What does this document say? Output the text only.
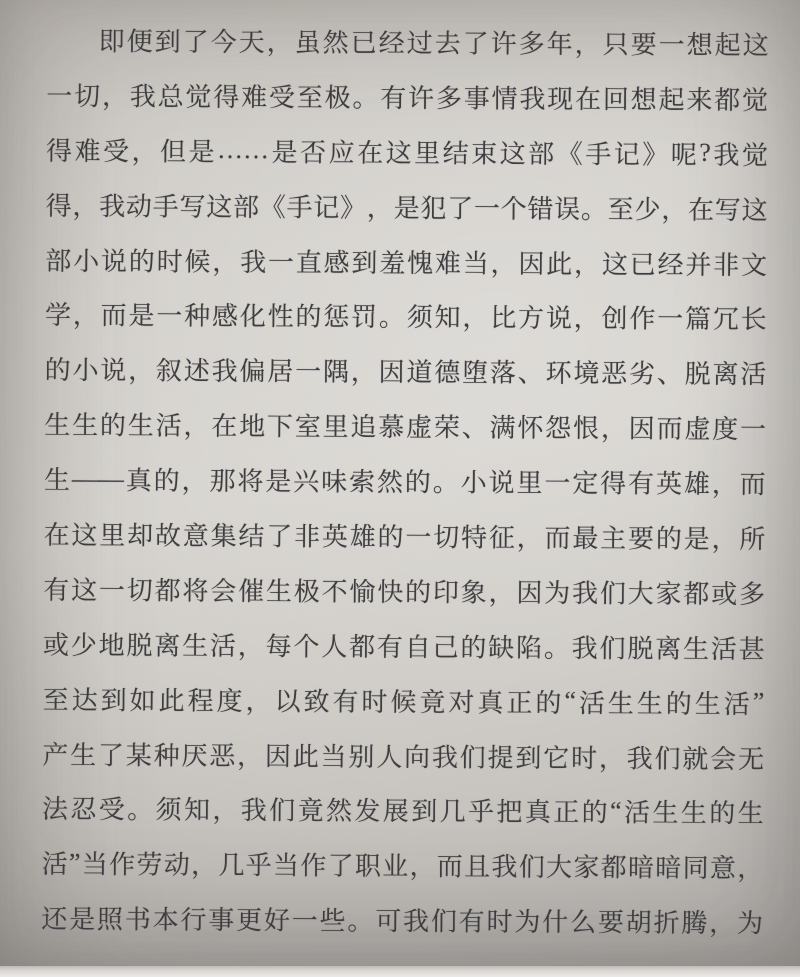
即 便 到 了 今 天 ， 虽 然 已 经 过 去 了 许 多 年 ， 只 要 一 想 起 这
一 切 ， 我 总 觉 得 难 受 至 极 。 有 许 多 事 情 我 现 在 回 想 起 来 都 觉
得 难 受 ， 但 是 …… 是 否 应 在 这 里 结 束 这 部 《 手 记 》 呢 ? 我 觉
得 ， 我 动 手 写 这 部 《 手 记 》 ， 是 犯 了 一 个 错 误 。 至 少 ， 在 写 这
部 小 说 的 时 候 ， 我 一 直 感 到 羞 愧 难 当 ， 因 此 ， 这 已 经 并 非 文
学 ， 而 是 一 种 感 化 性 的 惩 罚 。 须 知 ， 比 方 说 ， 创 作 一 篇 冗 长
的 小 说 ， 叙 述 我 偏 居 一 隅 ， 因 道 德 堕 落 、 环 境 恶 劣 、 脱 离 活
生 生 的 生 活 ， 在 地 下 室 里 追 慕 虚 荣 、 满 怀 怨 恨 ， 因 而 虚 度 一
生 —— 真 的 ， 那 将 是 兴 味 索 然 的 。 小 说 里 一 定 得 有 英 雄 ， 而
在 这 里 却 故 意 集 结 了 非 英 雄 的 一 切 特 征 ， 而 最 主 要 的 是 ， 所
有 这 一 切 都 将 会 催 生 极 不 愉 快 的 印 象 ， 因 为 我 们 大 家 都 或 多
或 少 地 脱 离 生 活 ， 每 个 人 都 有 自 己 的 缺 陷 。 我 们 脱 离 生 活 甚
至 达 到 如 此 程 度 ， 以 致 有 时 候 竟 对 真 正 的 “ 活 生 生 的 生 活 ”
产 生 了 某 种 厌 恶 ， 因 此 当 别 人 向 我 们 提 到 它 时 ， 我 们 就 会 无
法 忍 受 。 须 知 ， 我 们 竟 然 发 展 到 几 乎 把 真 正 的 “ 活 生 生 的 生
活 ” 当 作 劳 动 ， 几 乎 当 作 了 职 业 ， 而 且 我 们 大 家 都 暗 暗 同 意 ，
还 是 照 书 本 行 事 更 好 一 些 。 可 我 们 有 时 为 什 么 要 胡 折 腾 ， 为
